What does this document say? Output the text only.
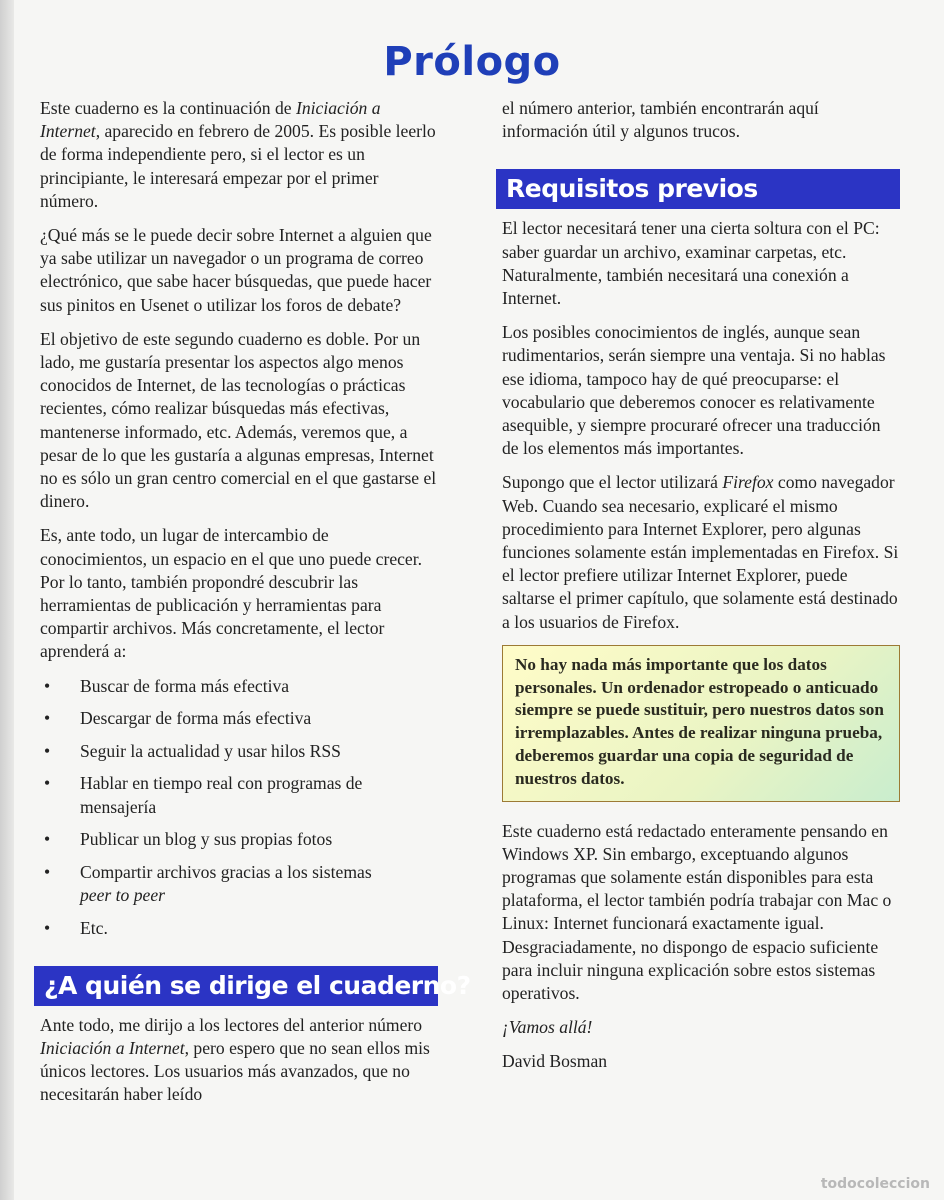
Prólogo

Este cuaderno es la continuación de Iniciación a Internet, aparecido en febrero de 2005. Es posible leerlo de forma independiente pero, si el lector es un principiante, le interesará empezar por el primer número.

¿Qué más se le puede decir sobre Internet a alguien que ya sabe utilizar un navegador o un programa de correo electrónico, que sabe hacer búsquedas, que puede hacer sus pinitos en Usenet o utilizar los foros de debate?

El objetivo de este segundo cuaderno es doble. Por un lado, me gustaría presentar los aspectos algo menos conocidos de Internet, de las tecnologías o prácticas recientes, cómo realizar búsquedas más efectivas, mantenerse informado, etc. Además, veremos que, a pesar de lo que les gustaría a algunas empresas, Internet no es sólo un gran centro comercial en el que gastarse el dinero.

Es, ante todo, un lugar de intercambio de conocimientos, un espacio en el que uno puede crecer. Por lo tanto, también propondré descubrir las herramientas de publicación y herramientas para compartir archivos. Más concretamente, el lector aprenderá a:

• Buscar de forma más efectiva
• Descargar de forma más efectiva
• Seguir la actualidad y usar hilos RSS
• Hablar en tiempo real con programas de mensajería
• Publicar un blog y sus propias fotos
• Compartir archivos gracias a los sistemas
peer to peer
• Etc.
¿A quién se dirige el cuaderno?

Ante todo, me dirijo a los lectores del anterior número Iniciación a Internet, pero espero que no sean ellos mis únicos lectores. Los usuarios más avanzados, que no necesitarán haber leído

el número anterior, también encontrarán aquí información útil y algunos trucos.

Requisitos previos

El lector necesitará tener una cierta soltura con el PC: saber guardar un archivo, examinar carpetas, etc. Naturalmente, también necesitará una conexión a Internet.

Los posibles conocimientos de inglés, aunque sean rudimentarios, serán siempre una ventaja. Si no hablas ese idioma, tampoco hay de qué preocuparse: el vocabulario que deberemos conocer es relativamente asequible, y siempre procuraré ofrecer una traducción de los elementos más importantes.

Supongo que el lector utilizará Firefox como navegador Web. Cuando sea necesario, explicaré el mismo procedimiento para Internet Explorer, pero algunas funciones solamente están implementadas en Firefox. Si el lector prefiere utilizar Internet Explorer, puede saltarse el primer capítulo, que solamente está destinado a los usuarios de Firefox.

No hay nada más importante que los datos personales. Un ordenador estropeado o anticuado siempre se puede sustituir, pero nuestros datos son irremplazables. Antes de realizar ninguna prueba, deberemos guardar una copia de seguridad de nuestros datos.

Este cuaderno está redactado enteramente pensando en Windows XP. Sin embargo, exceptuando algunos programas que solamente están disponibles para esta plataforma, el lector también podría trabajar con Mac o Linux: Internet funcionará exactamente igual. Desgraciadamente, no dispongo de espacio suficiente para incluir ninguna explicación sobre estos sistemas operativos.

¡Vamos allá!

David Bosman

todocoleccion
